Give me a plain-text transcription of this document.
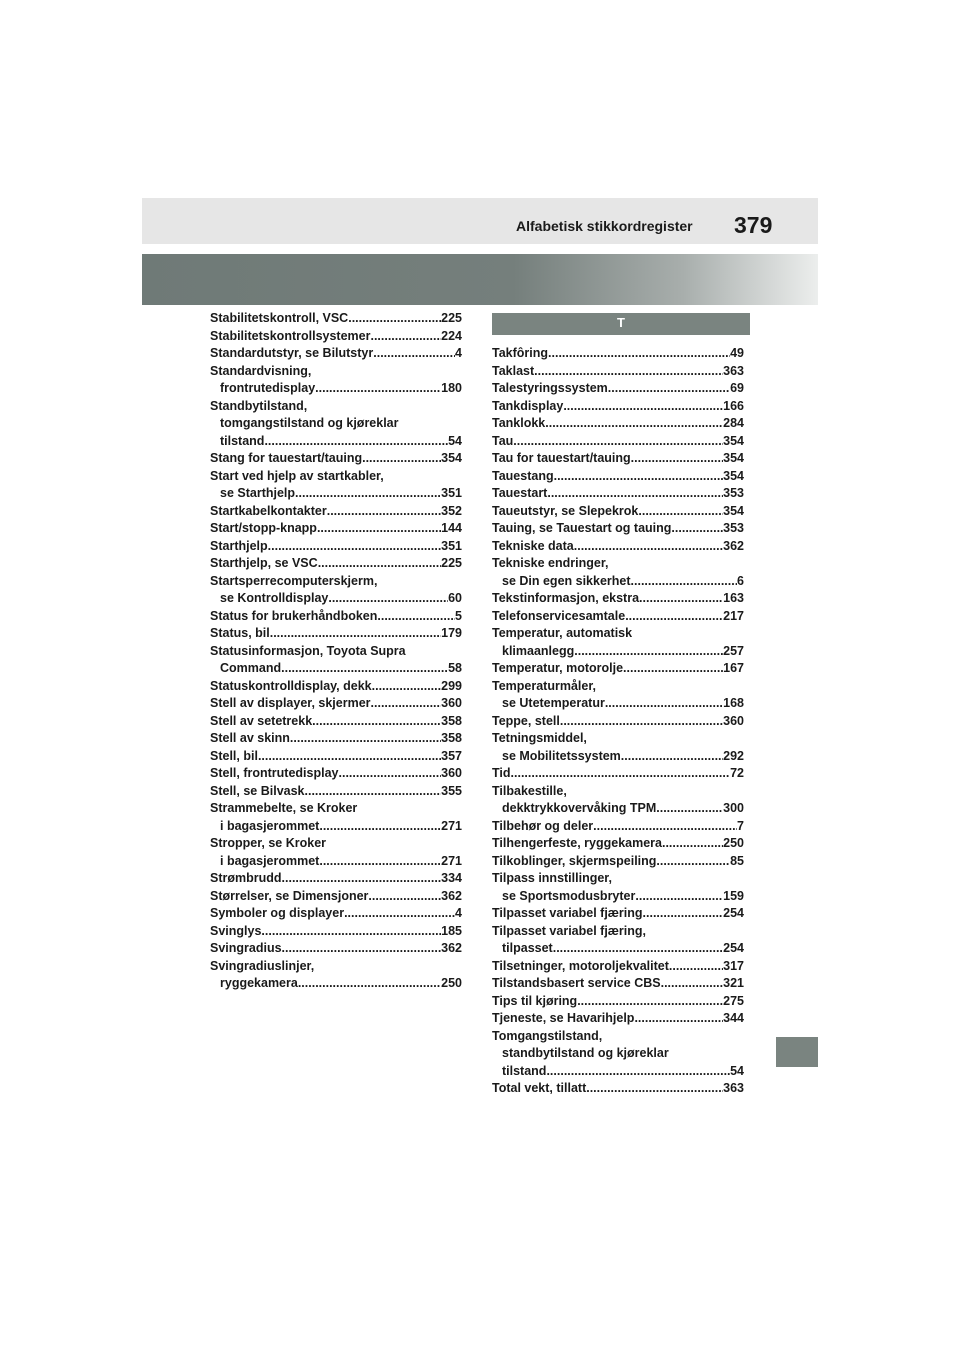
Alfabetisk stikkordregister 379
Stabilitetskontroll, VSC .....	225
Stabilitetskontrollsystemer .....	224
Standardutstyr, se Bilutstyr .....	4
Standardvisning,
frontrutedisplay .....	180
Standbytilstand,
tomgangstilstand og kjøreklar
tilstand .....	54
Stang for tauestart/tauing .....	354
Start ved hjelp av startkabler,
se Starthjelp .....	351
Startkabelkontakter .....	352
Start/stopp-knapp .....	144
Starthjelp .....	351
Starthjelp, se VSC .....	225
Startsperrecomputerskjerm,
se Kontrolldisplay .....	60
Status for brukerhåndboken .....	5
Status, bil .....	179
Statusinformasjon, Toyota Supra
Command .....	58
Statuskontrolldisplay, dekk .....	299
Stell av displayer, skjermer .....	360
Stell av setetrekk .....	358
Stell av skinn .....	358
Stell, bil .....	357
Stell, frontrutedisplay .....	360
Stell, se Bilvask .....	355
Strammebelte, se Kroker
i bagasjerommet .....	271
Stropper, se Kroker
i bagasjerommet .....	271
Strømbrudd .....	334
Størrelser, se Dimensjoner .....	362
Symboler og displayer .....	4
Svinglys .....	185
Svingradius .....	362
Svingradiuslinjer,
ryggekamera .....	250
T
Takfôring .....	49
Taklast .....	363
Talestyringssystem .....	69
Tankdisplay .....	166
Tanklokk .....	284
Tau .....	354
Tau for tauestart/tauing .....	354
Tauestang .....	354
Tauestart .....	353
Taueutstyr, se Slepekrok .....	354
Tauing, se Tauestart og tauing .....	353
Tekniske data .....	362
Tekniske endringer,
se Din egen sikkerhet .....	6
Tekstinformasjon, ekstra .....	163
Telefonservicesamtale .....	217
Temperatur, automatisk
klimaanlegg .....	257
Temperatur, motorolje .....	167
Temperaturmåler,
se Utetemperatur .....	168
Teppe, stell .....	360
Tetningsmiddel,
se Mobilitetssystem .....	292
Tid .....	72
Tilbakestille,
dekktrykkovervåking TPM .....	300
Tilbehør og deler .....	7
Tilhengerfeste, ryggekamera .....	250
Tilkoblinger, skjermspeiling .....	85
Tilpass innstillinger,
se Sportsmodusbryter .....	159
Tilpasset variabel fjæring .....	254
Tilpasset variabel fjæring,
tilpasset .....	254
Tilsetninger, motoroljekvalitet .....	317
Tilstandsbasert service CBS .....	321
Tips til kjøring .....	275
Tjeneste, se Havarihjelp .....	344
Tomgangstilstand,
standbytilstand og kjøreklar
tilstand .....	54
Total vekt, tillatt .....	363
